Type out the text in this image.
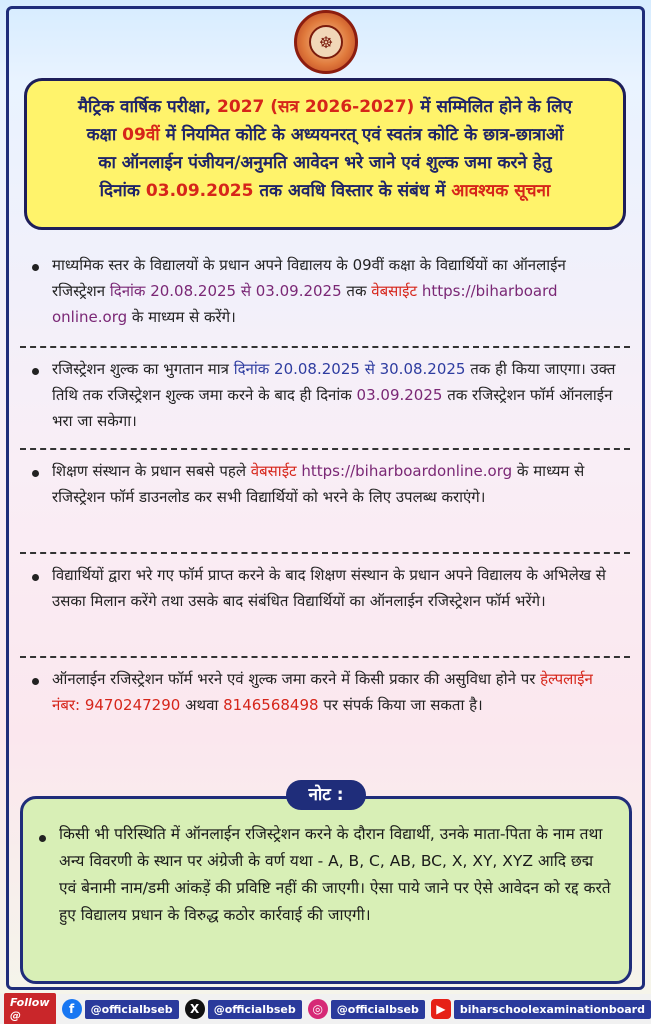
☸
मैट्रिक वार्षिक परीक्षा, 2027 (सत्र 2026-2027) में सम्मिलित होने के लिए
कक्षा 09वीं में नियमित कोटि के अध्ययनरत् एवं स्वतंत्र कोटि के छात्र-छात्राओं
का ऑनलाईन पंजीयन/अनुमति आवेदन भरे जाने एवं शुल्क जमा करने हेतु
दिनांक 03.09.2025 तक अवधि विस्तार के संबंध में आवश्यक सूचना
माध्यमिक स्तर के विद्यालयों के प्रधान अपने विद्यालय के 09वीं कक्षा के विद्यार्थियों का ऑनलाईन रजिस्ट्रेशन दिनांक 20.08.2025 से 03.09.2025 तक वेबसाईट https://biharboard online.org के माध्यम से करेंगे।
रजिस्ट्रेशन शुल्क का भुगतान मात्र दिनांक 20.08.2025 से 30.08.2025 तक ही किया जाएगा। उक्त तिथि तक रजिस्ट्रेशन शुल्क जमा करने के बाद ही दिनांक 03.09.2025 तक रजिस्ट्रेशन फॉर्म ऑनलाईन भरा जा सकेगा।
शिक्षण संस्थान के प्रधान सबसे पहले वेबसाईट https://biharboardonline.org के माध्यम से रजिस्ट्रेशन फॉर्म डाउनलोड कर सभी विद्यार्थियों को भरने के लिए उपलब्ध कराएंगे।
विद्यार्थियों द्वारा भरे गए फॉर्म प्राप्त करने के बाद शिक्षण संस्थान के प्रधान अपने विद्यालय के अभिलेख से उसका मिलान करेंगे तथा उसके बाद संबंधित विद्यार्थियों का ऑनलाईन रजिस्ट्रेशन फॉर्म भरेंगे।
ऑनलाईन रजिस्ट्रेशन फॉर्म भरने एवं शुल्क जमा करने में किसी प्रकार की असुविधा होने पर हेल्पलाईन नंबर: 9470247290 अथवा 8146568498 पर संपर्क किया जा सकता है।
किसी भी परिस्थिति में ऑनलाईन रजिस्ट्रेशन करने के दौरान विद्यार्थी, उनके माता-पिता के नाम तथा अन्य विवरणी के स्थान पर अंग्रेजी के वर्ण यथा - A, B, C, AB, BC, X, XY, XYZ आदि छद्म एवं बेनामी नाम/डमी आंकड़ें की प्रविष्टि नहीं की जाएगी। ऐसा पाये जाने पर ऐसे आवेदन को रद्द करते हुए विद्यालय प्रधान के विरुद्ध कठोर कार्रवाई की जाएगी।
नोट :
Follow @	f	@officialbseb	X	@officialbseb	◎	@officialbseb	▶	biharschoolexaminationboard
